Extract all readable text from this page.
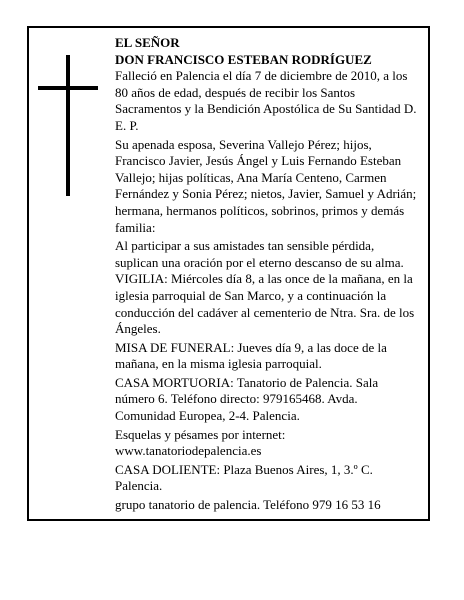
EL SEÑOR

DON FRANCISCO ESTEBAN RODRÍGUEZ

Falleció en Palencia el día 7 de diciembre de 2010, a los 80 años de edad, después de recibir los Santos Sacramentos y la Bendición Apostólica de Su Santidad D. E. P.

Su apenada esposa, Severina Vallejo Pérez; hijos, Francisco Javier, Jesús Ángel y Luis Fernando Esteban Vallejo; hijas políticas, Ana María Centeno, Carmen Fernández y Sonia Pérez; nietos, Javier, Samuel y Adrián; hermana, hermanos políticos, sobrinos, primos y demás familia:

Al participar a sus amistades tan sensible pérdida, suplican una oración por el eterno descanso de su alma.

VIGILIA: Miércoles día 8, a las once de la mañana, en la iglesia parroquial de San Marco, y a continuación la conducción del cadáver al cementerio de Ntra. Sra. de los Ángeles.

MISA DE FUNERAL: Jueves día 9, a las doce de la mañana, en la misma iglesia parroquial.

CASA MORTUORIA: Tanatorio de Palencia. Sala número 6. Teléfono directo: 979165468. Avda. Comunidad Europea, 2-4. Palencia.

Esquelas y pésames por internet:

www.tanatoriodepalencia.es

CASA DOLIENTE: Plaza Buenos Aires, 1, 3.º C. Palencia.

grupo tanatorio de palencia. Teléfono 979 16 53 16
